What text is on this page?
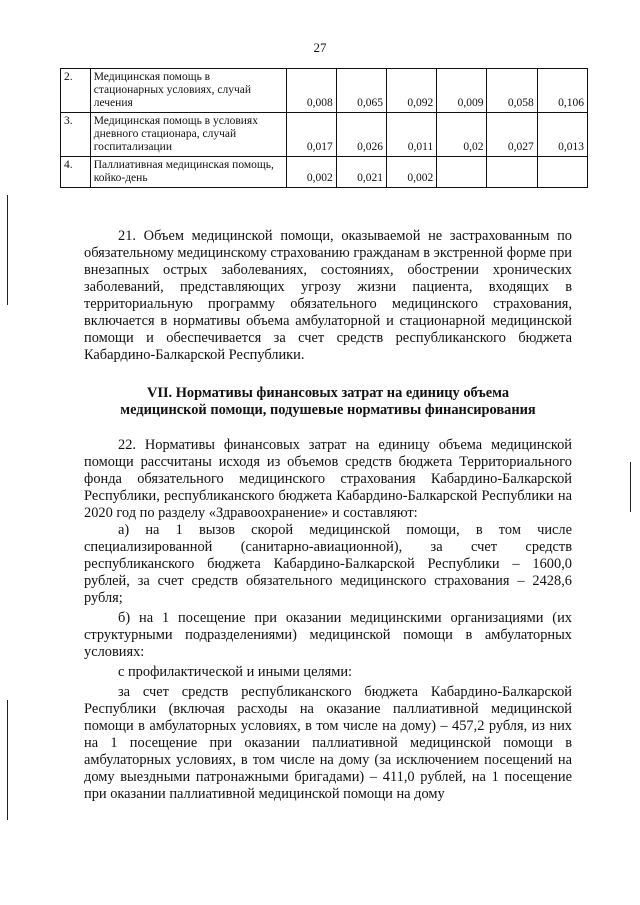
27
2.	Медицинская помощь в стационарных условиях, случай лечения	0,008	0,065	0,092	0,009	0,058	0,106
3.	Медицинская помощь в условиях дневного стационара, случай госпитализации	0,017	0,026	0,011	0,02	0,027	0,013
4.	Паллиативная медицинская помощь, койко-день	0,002	0,021	0,002			

21. Объем медицинской помощи, оказываемой не застрахованным по обязательному медицинскому страхованию гражданам в экстренной форме при внезапных острых заболеваниях, состояниях, обострении хронических заболеваний, представляющих угрозу жизни пациента, входящих в территориальную программу обязательного медицинского страхования, включается в нормативы объема амбулаторной и стационарной медицинской помощи и обеспечивается за счет средств республиканского бюджета Кабардино-Балкарской Республики.

VII. Нормативы финансовых затрат на единицу объема
медицинской помощи, подушевые нормативы финансирования

22. Нормативы финансовых затрат на единицу объема медицинской помощи рассчитаны исходя из объемов средств бюджета Территориального фонда обязательного медицинского страхования Кабардино-Балкарской Республики, республиканского бюджета Кабардино-Балкарской Республики на 2020 год по разделу «Здравоохранение» и составляют:

а) на 1 вызов скорой медицинской помощи, в том числе специализированной (санитарно-авиационной), за счет средств республиканского бюджета Кабардино-Балкарской Республики – 1600,0 рублей, за счет средств обязательного медицинского страхования – 2428,6 рубля;

б) на 1 посещение при оказании медицинскими организациями (их структурными подразделениями) медицинской помощи в амбулаторных условиях:

с профилактической и иными целями:

за счет средств республиканского бюджета Кабардино-Балкарской Республики (включая расходы на оказание паллиативной медицинской помощи в амбулаторных условиях, в том числе на дому) – 457,2 рубля, из них на 1 посещение при оказании паллиативной медицинской помощи в амбулаторных условиях, в том числе на дому (за исключением посещений на дому выездными патронажными бригадами) – 411,0 рублей, на 1 посещение при оказании паллиативной медицинской помощи на дому
